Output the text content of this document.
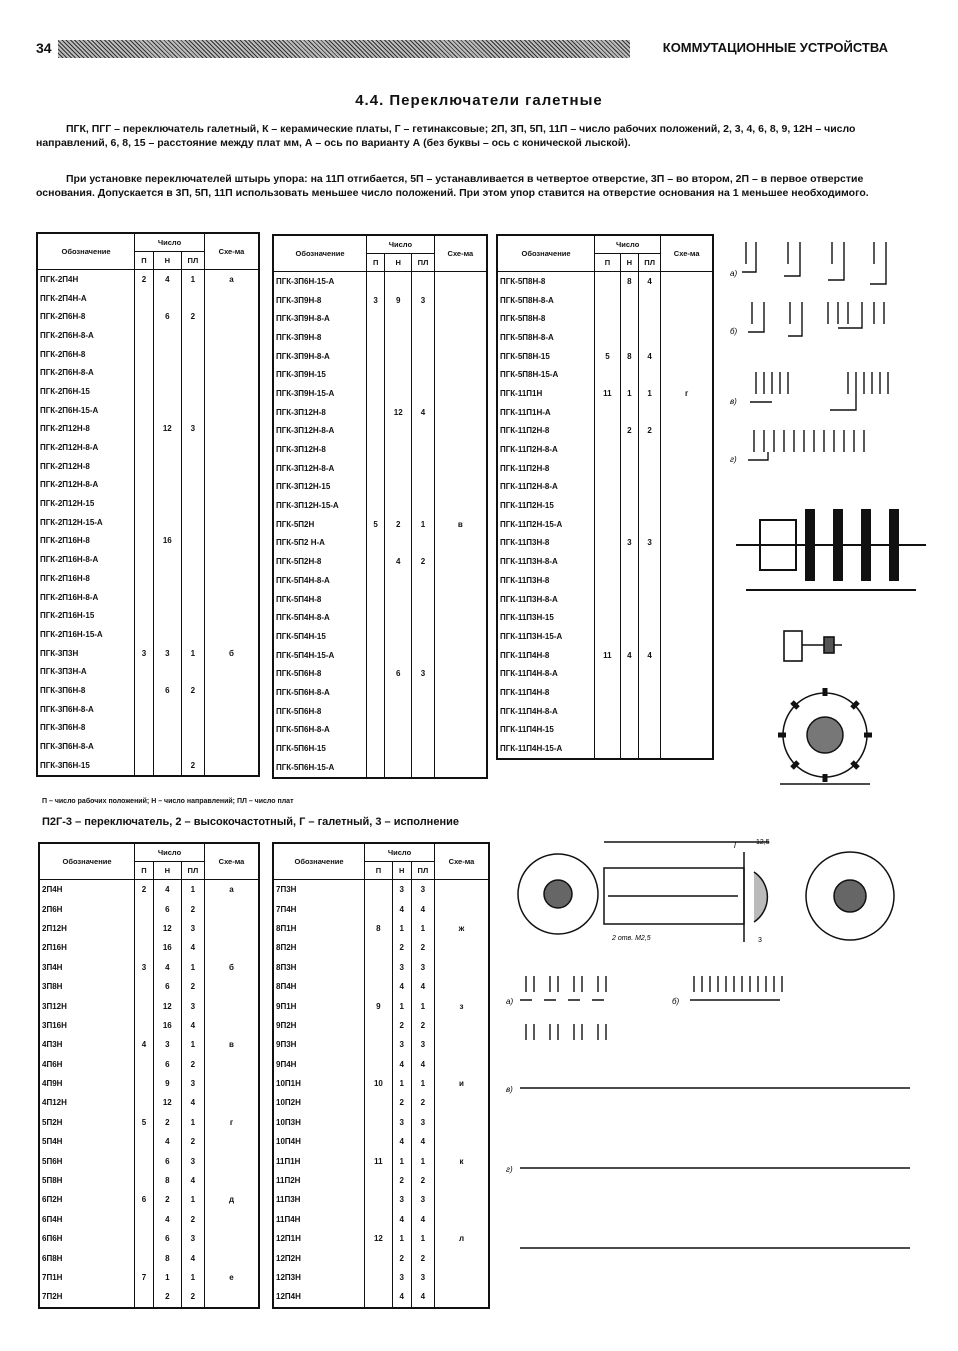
34	КОММУТАЦИОННЫЕ УСТРОЙСТВА
4.4. Переключатели галетные
ПГК, ПГГ – переключатель галетный, К – керамические платы, Г – гетинаксовые; 2П, 3П, 5П, 11П – число рабочих положений, 2, 3, 4, 6, 8, 9, 12Н – число направлений, 6, 8, 15 – расстояние между плат мм, А – ось по варианту А (без буквы – ось с конической лыской).
При установке переключателей штырь упора: на 11П отгибается, 5П – устанавливается в четвертое отверстие, 3П – во втором, 2П – в первое отверстие основания. Допускается в 3П, 5П, 11П использовать меньшее число положений. При этом упор ставится на отверстие основания на 1 меньшее необходимого.
Обозначение	Число			Схе-ма
	П	Н	ПЛ	
ПГК-2П4Н	2	4	1	а
ПГК-2П4Н-А				
ПГК-2П6Н-8		6	2	
ПГК-2П6Н-8-А				
ПГК-2П6Н-8				
ПГК-2П6Н-8-А				
ПГК-2П6Н-15				
ПГК-2П6Н-15-А				
ПГК-2П12Н-8		12	3	
ПГК-2П12Н-8-А				
ПГК-2П12Н-8				
ПГК-2П12Н-8-А				
ПГК-2П12Н-15				
ПГК-2П12Н-15-А				
ПГК-2П16Н-8		16		
ПГК-2П16Н-8-А				
ПГК-2П16Н-8				
ПГК-2П16Н-8-А				
ПГК-2П16Н-15				
ПГК-2П16Н-15-А				
ПГК-3П3Н	3	3	1	б
ПГК-3П3Н-А				
ПГК-3П6Н-8		6	2	
ПГК-3П6Н-8-А				
ПГК-3П6Н-8				
ПГК-3П6Н-8-А				
ПГК-3П6Н-15			2	
Обозначение	Число			Схе-ма
	П	Н	ПЛ	
ПГК-3П6Н-15-А				
ПГК-3П9Н-8	3	9	3	
ПГК-3П9Н-8-А				
ПГК-3П9Н-8				
ПГК-3П9Н-8-А				
ПГК-3П9Н-15				
ПГК-3П9Н-15-А				
ПГК-3П12Н-8		12	4	
ПГК-3П12Н-8-А				
ПГК-3П12Н-8				
ПГК-3П12Н-8-А				
ПГК-3П12Н-15				
ПГК-3П12Н-15-А				
ПГК-5П2Н	5	2	1	в
ПГК-5П2 Н-А				
ПГК-5П2Н-8		4	2	
ПГК-5П4Н-8-А				
ПГК-5П4Н-8				
ПГК-5П4Н-8-А				
ПГК-5П4Н-15				
ПГК-5П4Н-15-А				
ПГК-5П6Н-8		6	3	
ПГК-5П6Н-8-А				
ПГК-5П6Н-8				
ПГК-5П6Н-8-А				
ПГК-5П6Н-15				
ПГК-5П6Н-15-А				
Обозначение	Число			Схе-ма
	П	Н	ПЛ	
ПГК-5П8Н-8		8	4	
ПГК-5П8Н-8-А				
ПГК-5П8Н-8				
ПГК-5П8Н-8-А				
ПГК-5П8Н-15	5	8	4	
ПГК-5П8Н-15-А				
ПГК-11П1Н	11	1	1	г
ПГК-11П1Н-А				
ПГК-11П2Н-8		2	2	
ПГК-11П2Н-8-А				
ПГК-11П2Н-8				
ПГК-11П2Н-8-А				
ПГК-11П2Н-15				
ПГК-11П2Н-15-А				
ПГК-11П3Н-8		3	3	
ПГК-11П3Н-8-А				
ПГК-11П3Н-8				
ПГК-11П3Н-8-А				
ПГК-11П3Н-15				
ПГК-11П3Н-15-А				
ПГК-11П4Н-8	11	4	4	
ПГК-11П4Н-8-А				
ПГК-11П4Н-8				
ПГК-11П4Н-8-А				
ПГК-11П4Н-15				
ПГК-11П4Н-15-А				
П – число рабочих положений; Н – число направлений; ПЛ – число плат
П2Г-3 – переключатель, 2 – высокочастотный, Г – галетный, 3 – исполнение
Обозначение	Число			Схе-ма
	П	Н	ПЛ	
2П4Н	2	4	1	а
2П6Н		6	2	
2П12Н		12	3	
2П16Н		16	4	
3П4Н	3	4	1	б
3П8Н		6	2	
3П12Н		12	3	
3П16Н		16	4	
4П3Н	4	3	1	в
4П6Н		6	2	
4П9Н		9	3	
4П12Н		12	4	
5П2Н	5	2	1	г
5П4Н		4	2	
5П6Н		6	3	
5П8Н		8	4	
6П2Н	6	2	1	д
6П4Н		4	2	
6П6Н		6	3	
6П8Н		8	4	
7П1Н	7	1	1	е
7П2Н		2	2	
Обозначение	Число			Схе-ма
	П	Н	ПЛ	
7П3Н		3	3	
7П4Н		4	4	
8П1Н	8	1	1	ж
8П2Н		2	2	
8П3Н		3	3	
8П4Н		4	4	
9П1Н	9	1	1	з
9П2Н		2	2	
9П3Н		3	3	
9П4Н		4	4	
10П1Н	10	1	1	и
10П2Н		2	2	
10П3Н		3	3	
10П4Н		4	4	
11П1Н	11	1	1	к
11П2Н		2	2	
11П3Н		3	3	
11П4Н		4	4	
12П1Н	12	1	1	л
12П2Н		2	2	
12П3Н		3	3	
12П4Н		4	4	
а)
б)
в)
г)
l	12,5
2 отв. М2,5	3
а)	б)
в)
г)
